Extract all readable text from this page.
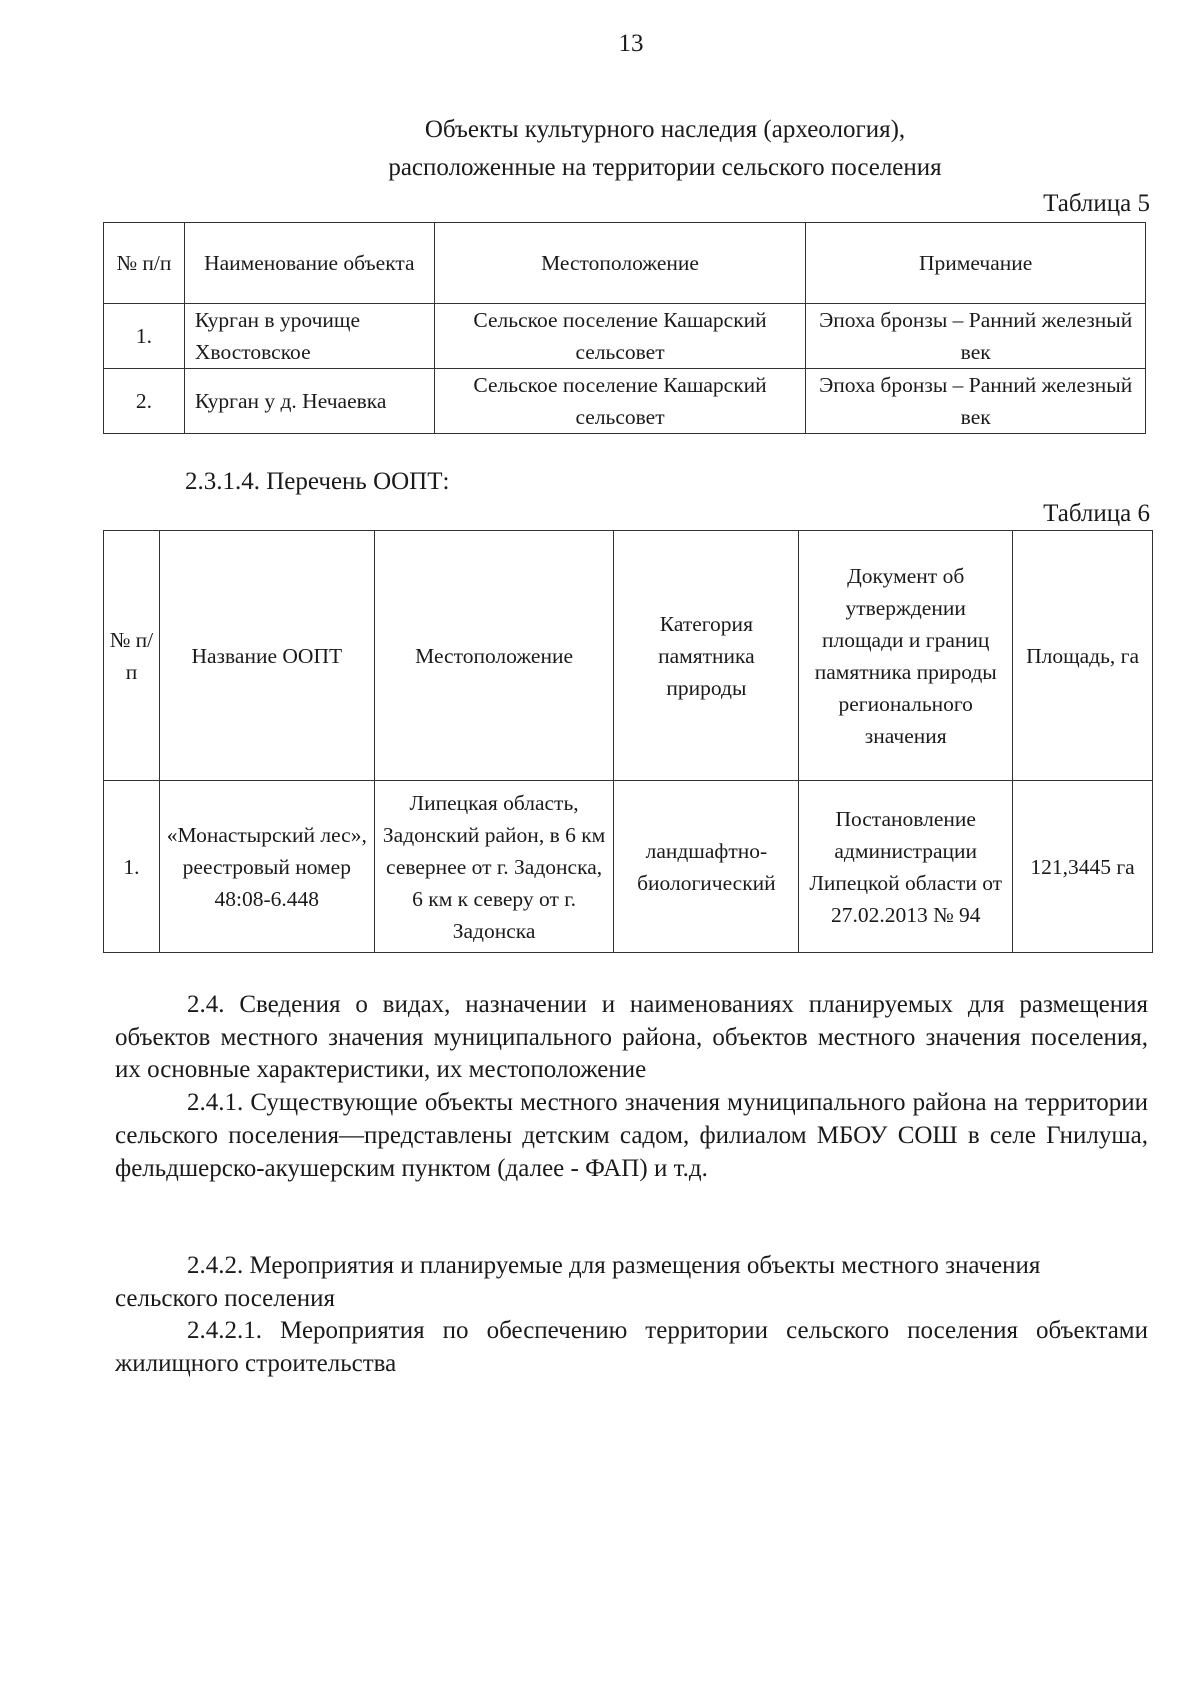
13
Объекты культурного наследия (археология),
расположенные на территории сельского поселения
Таблица 5
№ п/п	Наименование объекта	Местоположение	Примечание
1.	Курган в урочище Хвостовское	Сельское поселение Кашарский сельсовет	Эпоха бронзы – Ранний железный век
2.	Курган у д. Нечаевка	Сельское поселение Кашарский сельсовет	Эпоха бронзы – Ранний железный век
2.3.1.4. Перечень ООПТ:
Таблица 6
№ п/п	Название ООПТ	Местоположение	Категория памятника природы	Документ об утверждении площади и границ памятника природы регионального значения	Площадь, га
1.	«Монастырский лес», реестровый номер 48:08-6.448	Липецкая область, Задонский район, в 6 км севернее от г. Задонска, 6 км к северу от г. Задонска	ландшафтно-биологический	Постановление администрации Липецкой области от 27.02.2013 № 94	121,3445 га

2.4. Сведения о видах, назначении и наименованиях планируемых для размещения объектов местного значения муниципального района, объектов местного значения поселения, их основные характеристики, их местоположение

2.4.1. Существующие объекты местного значения муниципального района на территории сельского поселения—представлены детским садом, филиалом МБОУ СОШ в селе Гнилуша, фельдшерско-акушерским пунктом (далее - ФАП) и т.д.

2.4.2. Мероприятия и планируемые для размещения объекты местного значения

сельского поселения

2.4.2.1. Мероприятия по обеспечению территории сельского поселения объектами жилищного строительства
